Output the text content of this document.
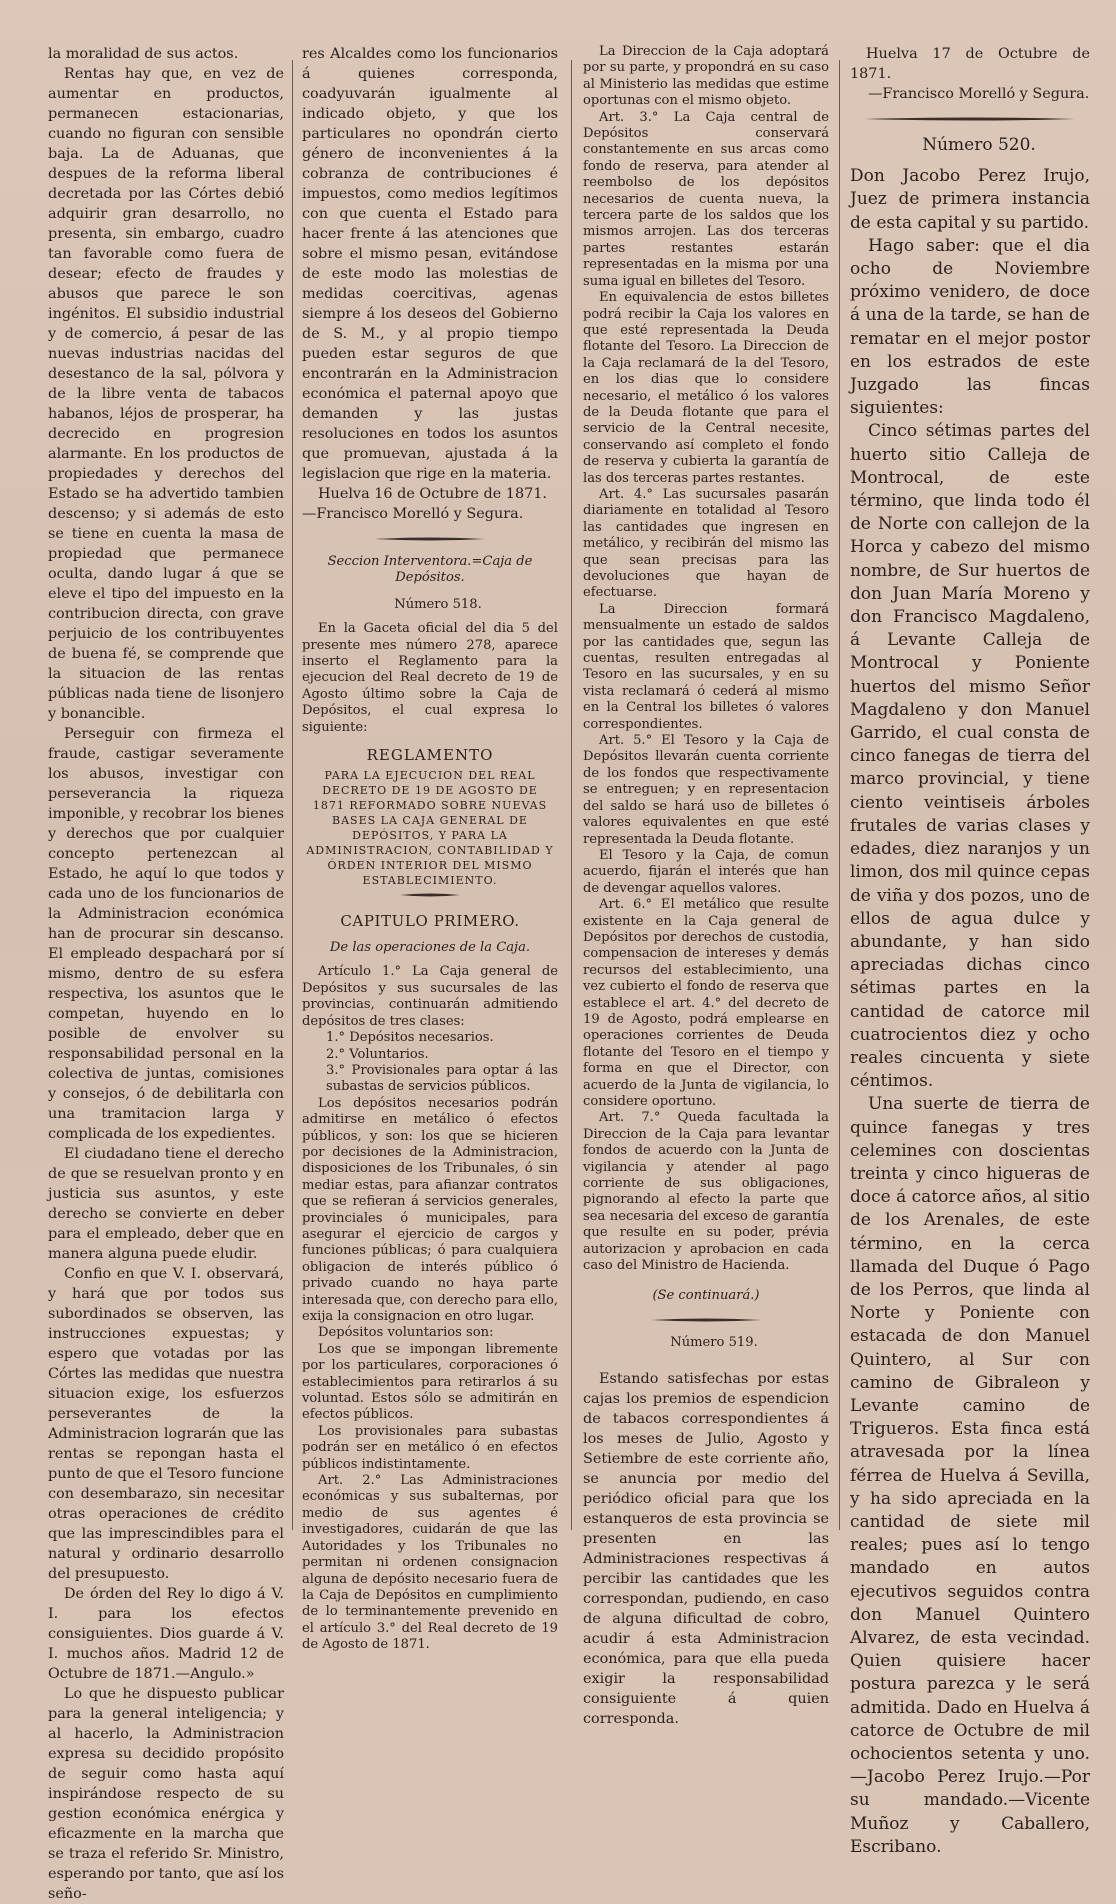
la moralidad de sus actos.

Rentas hay que, en vez de aumentar en productos, permanecen estacionarias, cuando no figuran con sensible baja. La de Aduanas, que despues de la reforma liberal decretada por las Córtes debió adquirir gran desarrollo, no presenta, sin embargo, cuadro tan favorable como fuera de desear; efecto de fraudes y abusos que parece le son ingénitos. El subsidio industrial y de comercio, á pesar de las nuevas industrias nacidas del desestanco de la sal, pólvora y de la libre venta de tabacos habanos, léjos de prosperar, ha decrecido en progresion alarmante. En los productos de propiedades y derechos del Estado se ha advertido tambien descenso; y si además de esto se tiene en cuenta la masa de propiedad que permanece oculta, dando lugar á que se eleve el tipo del impuesto en la contribucion directa, con grave perjuicio de los contribuyentes de buena fé, se comprende que la situacion de las rentas públicas nada tiene de lisonjero y bonancible.

Perseguir con firmeza el fraude, castigar severamente los abusos, investigar con perseverancia la riqueza imponible, y recobrar los bienes y derechos que por cualquier concepto pertenezcan al Estado, he aquí lo que todos y cada uno de los funcionarios de la Administracion económica han de procurar sin descanso. El empleado despachará por sí mismo, dentro de su esfera respectiva, los asuntos que le competan, huyendo en lo posible de envolver su responsabilidad personal en la colectiva de juntas, comisiones y consejos, ó de debilitarla con una tramitacion larga y complicada de los expedientes.

El ciudadano tiene el derecho de que se resuelvan pronto y en justicia sus asuntos, y este derecho se convierte en deber para el empleado, deber que en manera alguna puede eludir.

Confio en que V. I. observará, y hará que por todos sus subordinados se observen, las instrucciones expuestas; y espero que votadas por las Córtes las medidas que nuestra situacion exige, los esfuerzos perseverantes de la Administracion lograrán que las rentas se repongan hasta el punto de que el Tesoro funcione con desembarazo, sin necesitar otras operaciones de crédito que las imprescindibles para el natural y ordinario desarrollo del presupuesto.

De órden del Rey lo digo á V. I. para los efectos consiguientes. Dios guarde á V. I. muchos años. Madrid 12 de Octubre de 1871.—Angulo.»

Lo que he dispuesto publicar para la general inteligencia; y al hacerlo, la Administracion expresa su decidido propósito de seguir como hasta aquí inspirándose respecto de su gestion económica enérgica y eficazmente en la marcha que se traza el referido Sr. Ministro, esperando por tanto, que así los seño-

res Alcaldes como los funcionarios á quienes corresponda, coadyuvarán igualmente al indicado objeto, y que los particulares no opondrán cierto género de inconvenientes á la cobranza de contribuciones é impuestos, como medios legítimos con que cuenta el Estado para hacer frente á las atenciones que sobre el mismo pesan, evitándose de este modo las molestias de medidas coercitivas, agenas siempre á los deseos del Gobierno de S. M., y al propio tiempo pueden estar seguros de que encontrarán en la Administracion económica el paternal apoyo que demanden y las justas resoluciones en todos los asuntos que promuevan, ajustada á la legislacion que rige en la materia.

Huelva 16 de Octubre de 1871.

—Francisco Morelló y Segura.

Seccion Interventora.=Caja de Depósitos.

Número 518.

En la Gaceta oficial del dia 5 del presente mes número 278, aparece inserto el Reglamento para la ejecucion del Real decreto de 19 de Agosto último sobre la Caja de Depósitos, el cual expresa lo siguiente:

REGLAMENTO
PARA LA EJECUCION DEL REAL DECRETO DE 19 DE AGOSTO DE 1871 REFORMADO SOBRE NUEVAS BASES LA CAJA GENERAL DE DEPÓSITOS, Y PARA LA ADMINISTRACION, CONTABILIDAD Y ÓRDEN INTERIOR DEL MISMO ESTABLECIMIENTO.
CAPITULO PRIMERO.

De las operaciones de la Caja.

Artículo 1.° La Caja general de Depósitos y sus sucursales de las provincias, continuarán admitiendo depósitos de tres clases:

1.° Depósitos necesarios.

2.° Voluntarios.

3.° Provisionales para optar á las subastas de servicios públicos.

Los depósitos necesarios podrán admitirse en metálico ó efectos públicos, y son: los que se hicieren por decisiones de la Administracion, disposiciones de los Tribunales, ó sin mediar estas, para afianzar contratos que se refieran á servicios generales, provinciales ó municipales, para asegurar el ejercicio de cargos y funciones públicas; ó para cualquiera obligacion de interés público ó privado cuando no haya parte interesada que, con derecho para ello, exija la consignacion en otro lugar.

Depósitos voluntarios son:

Los que se impongan libremente por los particulares, corporaciones ó establecimientos para retirarlos á su voluntad. Estos sólo se admitirán en efectos públicos.

Los provisionales para subastas podrán ser en metálico ó en efectos públicos indistintamente.

Art. 2.° Las Administraciones económicas y sus subalternas, por medio de sus agentes é investigadores, cuidarán de que las Autoridades y los Tribunales no permitan ni ordenen consignacion alguna de depósito necesario fuera de la Caja de Depósitos en cumplimiento de lo terminantemente prevenido en el artículo 3.° del Real decreto de 19 de Agosto de 1871.

La Direccion de la Caja adoptará por su parte, y propondrá en su caso al Ministerio las medidas que estime oportunas con el mismo objeto.

Art. 3.° La Caja central de Depósitos conservará constantemente en sus arcas como fondo de reserva, para atender al reembolso de los depósitos necesarios de cuenta nueva, la tercera parte de los saldos que los mismos arrojen. Las dos terceras partes restantes estarán representadas en la misma por una suma igual en billetes del Tesoro.

En equivalencia de estos billetes podrá recibir la Caja los valores en que esté representada la Deuda flotante del Tesoro. La Direccion de la Caja reclamará de la del Tesoro, en los dias que lo considere necesario, el metálico ó los valores de la Deuda flotante que para el servicio de la Central necesite, conservando así completo el fondo de reserva y cubierta la garantía de las dos terceras partes restantes.

Art. 4.° Las sucursales pasarán diariamente en totalidad al Tesoro las cantidades que ingresen en metálico, y recibirán del mismo las que sean precisas para las devoluciones que hayan de efectuarse.

La Direccion formará mensualmente un estado de saldos por las cantidades que, segun las cuentas, resulten entregadas al Tesoro en las sucursales, y en su vista reclamará ó cederá al mismo en la Central los billetes ó valores correspondientes.

Art. 5.° El Tesoro y la Caja de Depósitos llevarán cuenta corriente de los fondos que respectivamente se entreguen; y en representacion del saldo se hará uso de billetes ó valores equivalentes en que esté representada la Deuda flotante.

El Tesoro y la Caja, de comun acuerdo, fijarán el interés que han de devengar aquellos valores.

Art. 6.° El metálico que resulte existente en la Caja general de Depósitos por derechos de custodia, compensacion de intereses y demás recursos del establecimiento, una vez cubierto el fondo de reserva que establece el art. 4.° del decreto de 19 de Agosto, podrá emplearse en operaciones corrientes de Deuda flotante del Tesoro en el tiempo y forma en que el Director, con acuerdo de la Junta de vigilancia, lo considere oportuno.

Art. 7.° Queda facultada la Direccion de la Caja para levantar fondos de acuerdo con la Junta de vigilancia y atender al pago corriente de sus obligaciones, pignorando al efecto la parte que sea necesaria del exceso de garantía que resulte en su poder, prévia autorizacion y aprobacion en cada caso del Ministro de Hacienda.

(Se continuará.)

Número 519.

Estando satisfechas por estas cajas los premios de espendicion de tabacos correspondientes á los meses de Julio, Agosto y Setiembre de este corriente año, se anuncia por medio del periódico oficial para que los estanqueros de esta provincia se presenten en las Administraciones respectivas á percibir las cantidades que les correspondan, pudiendo, en caso de alguna dificultad de cobro, acudir á esta Administracion económica, para que ella pueda exigir la responsabilidad consiguiente á quien corresponda.

Huelva 17 de Octubre de 1871.

—Francisco Morelló y Segura.

Número 520.

Don Jacobo Perez Irujo, Juez de primera instancia de esta capital y su partido.

Hago saber: que el dia ocho de Noviembre próximo venidero, de doce á una de la tarde, se han de rematar en el mejor postor en los estrados de este Juzgado las fincas siguientes:

Cinco sétimas partes del huerto sitio Calleja de Montrocal, de este término, que linda todo él de Norte con callejon de la Horca y cabezo del mismo nombre, de Sur huertos de don Juan María Moreno y don Francisco Magdaleno, á Levante Calleja de Montrocal y Poniente huertos del mismo Señor Magdaleno y don Manuel Garrido, el cual consta de cinco fanegas de tierra del marco provincial, y tiene ciento veintiseis árboles frutales de varias clases y edades, diez naranjos y un limon, dos mil quince cepas de viña y dos pozos, uno de ellos de agua dulce y abundante, y han sido apreciadas dichas cinco sétimas partes en la cantidad de catorce mil cuatrocientos diez y ocho reales cincuenta y siete céntimos.

Una suerte de tierra de quince fanegas y tres celemines con doscientas treinta y cinco higueras de doce á catorce años, al sitio de los Arenales, de este término, en la cerca llamada del Duque ó Pago de los Perros, que linda al Norte y Poniente con estacada de don Manuel Quintero, al Sur con camino de Gibraleon y Levante camino de Trigueros. Esta finca está atravesada por la línea férrea de Huelva á Sevilla, y ha sido apreciada en la cantidad de siete mil reales; pues así lo tengo mandado en autos ejecutivos seguidos contra don Manuel Quintero Alvarez, de esta vecindad. Quien quisiere hacer postura parezca y le será admitida. Dado en Huelva á catorce de Octubre de mil ochocientos setenta y uno.—Jacobo Perez Irujo.—Por su mandado.—Vicente Muñoz y Caballero, Escribano.
